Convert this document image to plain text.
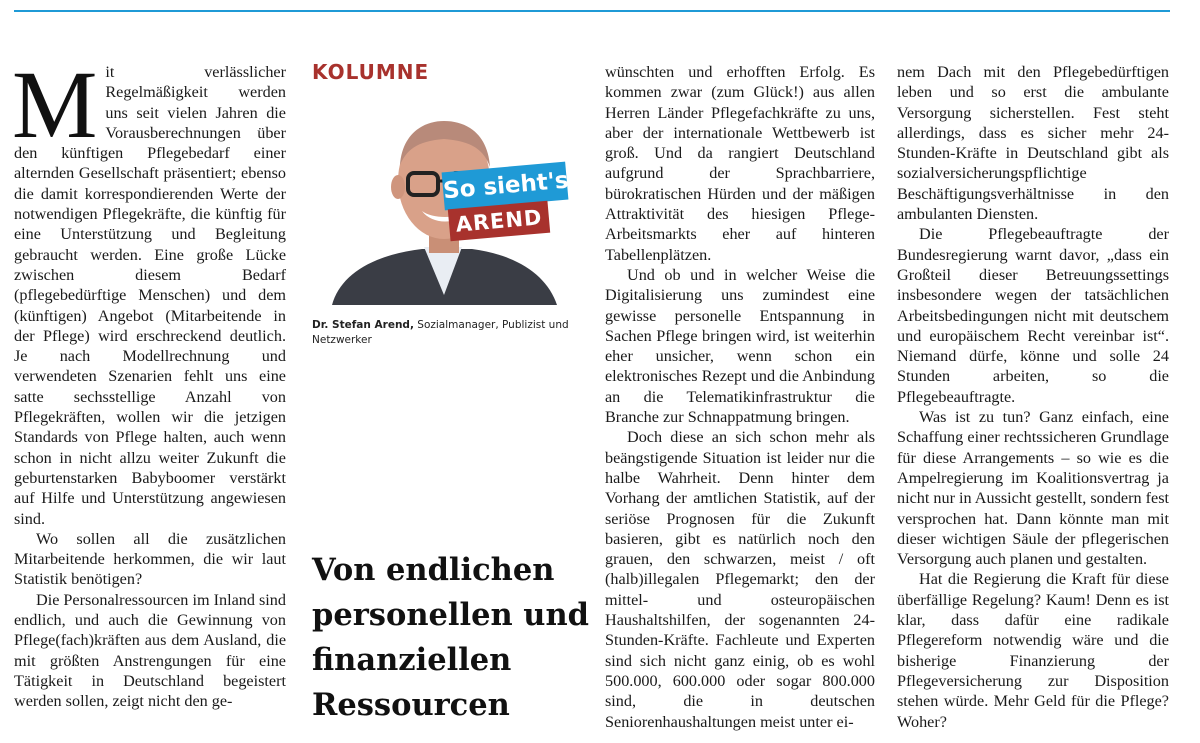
Mit verlässlicher Regelmäßigkeit werden uns seit vielen Jahren die Vorausberechnungen über den künftigen Pflegebedarf einer alternden Gesellschaft präsentiert; ebenso die damit korrespondierenden Werte der notwendigen Pflegekräfte, die künftig für eine Unterstützung und Begleitung gebraucht werden. Eine große Lücke zwischen diesem Bedarf (pflegebedürftige Menschen) und dem (künftigen) Angebot (Mitarbeitende in der Pflege) wird erschreckend deutlich. Je nach Modellrechnung und verwendeten Szenarien fehlt uns eine satte sechsstellige Anzahl von Pflegekräften, wollen wir die jetzigen Standards von Pflege halten, auch wenn schon in nicht allzu weiter Zukunft die geburtenstarken Babyboomer verstärkt auf Hilfe und Unterstützung angewiesen sind.

Wo sollen all die zusätzlichen Mitarbeitende herkommen, die wir laut Statistik benötigen?

Die Personalressourcen im Inland sind endlich, und auch die Gewinnung von Pflege(fach)kräften aus dem Ausland, die mit größten Anstrengungen für eine Tätigkeit in Deutschland begeistert werden sollen, zeigt nicht den ge-

KOLUMNE
So sieht's
AREND
Dr. Stefan Arend, Sozialmanager, Publizist und Netzwerker
Von endlichen
personellen und
finanziellen
Ressourcen

wünschten und erhofften Erfolg. Es kommen zwar (zum Glück!) aus allen Herren Länder Pflegefachkräfte zu uns, aber der internationale Wettbewerb ist groß. Und da rangiert Deutschland aufgrund der Sprachbarriere, bürokratischen Hürden und der mäßigen Attraktivität des hiesigen Pflege-Arbeitsmarkts eher auf hinteren Tabellenplätzen.

Und ob und in welcher Weise die Digitalisierung uns zumindest eine gewisse personelle Entspannung in Sachen Pflege bringen wird, ist weiterhin eher unsicher, wenn schon ein elektronisches Rezept und die Anbindung an die Telematikinfrastruktur die Branche zur Schnappatmung bringen.

Doch diese an sich schon mehr als beängstigende Situation ist leider nur die halbe Wahrheit. Denn hinter dem Vorhang der amtlichen Statistik, auf der seriöse Prognosen für die Zukunft basieren, gibt es natürlich noch den grauen, den schwarzen, meist / oft (halb)illegalen Pflegemarkt; den der mittel- und osteuropäischen Haushaltshilfen, der sogenannten 24-Stunden-Kräfte. Fachleute und Experten sind sich nicht ganz einig, ob es wohl 500.000, 600.000 oder sogar 800.000 sind, die in deutschen Seniorenhaushaltungen meist unter ei-

nem Dach mit den Pflegebedürftigen leben und so erst die ambulante Versorgung sicherstellen. Fest steht allerdings, dass es sicher mehr 24-Stunden-Kräfte in Deutschland gibt als sozialversicherungspflichtige Beschäftigungsverhältnisse in den ambulanten Diensten.

Die Pflegebeauftragte der Bundesregierung warnt davor, „dass ein Großteil dieser Betreuungssettings insbesondere wegen der tatsächlichen Arbeitsbedingungen nicht mit deutschem und europäischem Recht vereinbar ist“. Niemand dürfe, könne und solle 24 Stunden arbeiten, so die Pflegebeauftragte.

Was ist zu tun? Ganz einfach, eine Schaffung einer rechtssicheren Grundlage für diese Arrangements – so wie es die Ampelregierung im Koalitionsvertrag ja nicht nur in Aussicht gestellt, sondern fest versprochen hat. Dann könnte man mit dieser wichtigen Säule der pflegerischen Versorgung auch planen und gestalten.

Hat die Regierung die Kraft für diese überfällige Regelung? Kaum! Denn es ist klar, dass dafür eine radikale Pflegereform notwendig wäre und die bisherige Finanzierung der Pflegeversicherung zur Disposition stehen würde. Mehr Geld für die Pflege? Woher?
